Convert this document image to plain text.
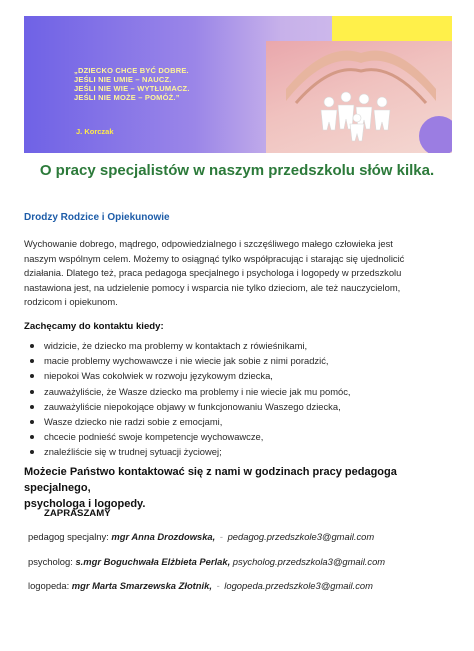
„DZIECKO CHCE BYĆ DOBRE.
JEŚLI NIE UMIE – NAUCZ.
JEŚLI NIE WIE – WYTŁUMACZ.
JEŚLI NIE MOŻE – POMÓŻ.”
J. Korczak
O pracy specjalistów w naszym przedszkolu słów kilka.

Drodzy Rodzice i Opiekunowie

Wychowanie dobrego, mądrego, odpowiedzialnego i szczęśliwego małego człowieka jest
naszym wspólnym celem. Możemy to osiągnąć tylko współpracując i starając się ujednolicić
działania. Dlatego też, praca pedagoga specjalnego i psychologa i logopedy w przedszkolu
nastawiona jest, na udzielenie pomocy i wsparcia nie tylko dzieciom, ale też nauczycielom,
rodzicom i opiekunom.
Zachęcamy do kontaktu kiedy:
widzicie, że dziecko ma problemy w kontaktach z rówieśnikami,
macie problemy wychowawcze i nie wiecie jak sobie z nimi poradzić,
niepokoi Was cokolwiek w rozwoju językowym dziecka,
zauważyliście, że Wasze dziecko ma problemy i nie wiecie jak mu pomóc,
zauważyliście niepokojące objawy w funkcjonowaniu Waszego dziecka,
Wasze dziecko nie radzi sobie z emocjami,
chcecie podnieść swoje kompetencje wychowawcze,
znaleźliście się w trudnej sytuacji życiowej;
Możecie Państwo kontaktować się z nami w godzinach pracy pedagoga specjalnego,
psychologa i logopedy.
ZAPRASZAMY
pedagog specjalny: mgr Anna Drozdowska, - pedagog.przedszkole3@gmail.com
psycholog: s.mgr Boguchwała Elżbieta Perlak, psycholog.przedszkola3@gmail.com
logopeda: mgr Marta Smarzewska Złotnik, - logopeda.przedszkole3@gmail.com
